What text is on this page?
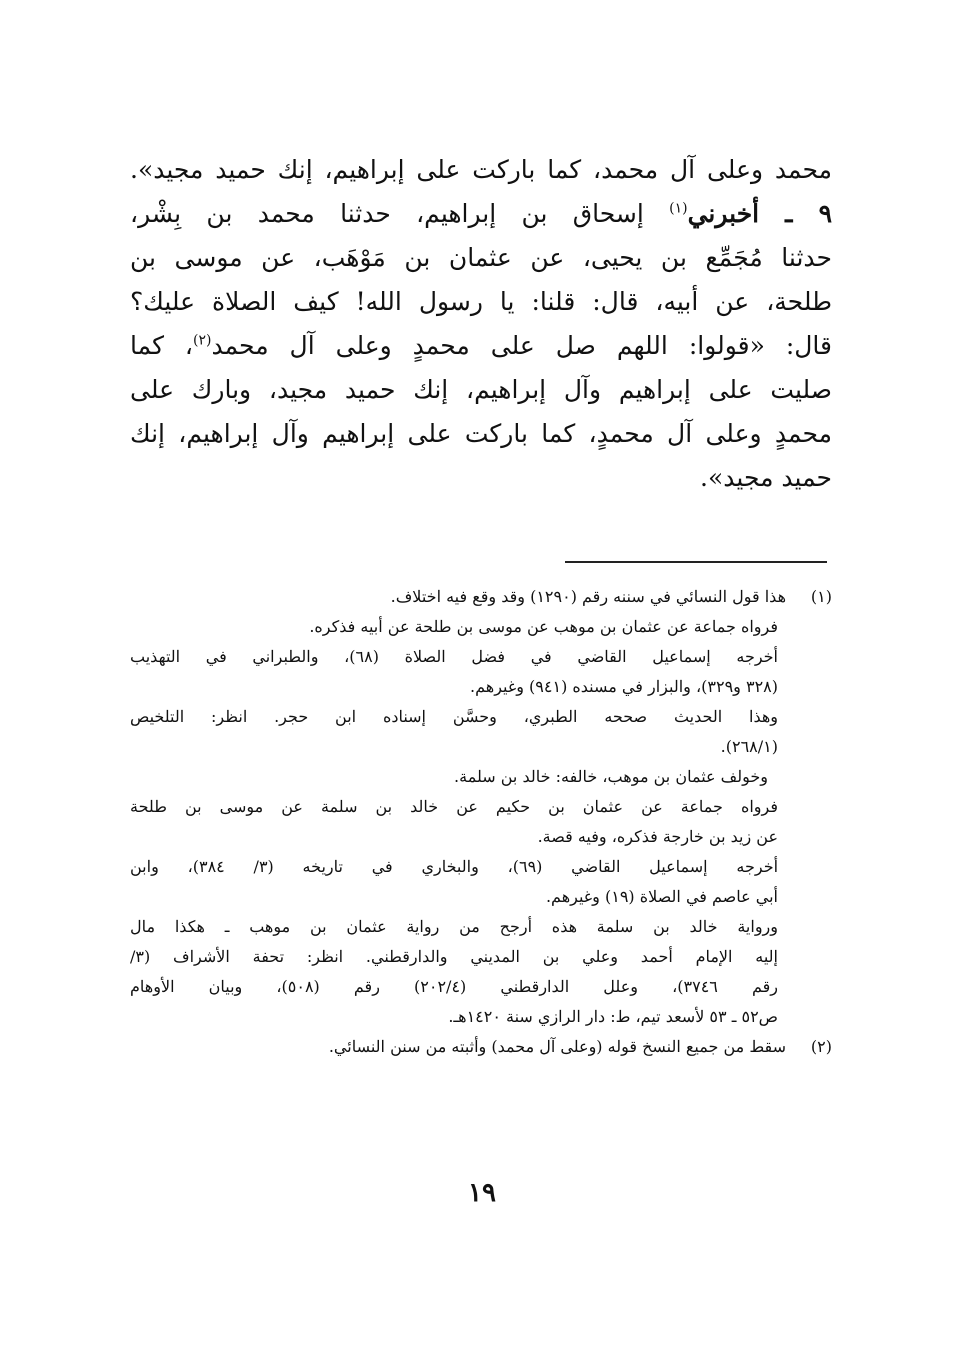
محمد وعلى آل محمد، كما باركت على إبراهيم، إنك حميد مجيد».
٩ ـ أخبرني$^{(١)}$ إسحاق بن إبراهيم، حدثنا محمد بن بِشْر،
حدثنا مُجَمِّع بن يحيى، عن عثمان بن مَوْهَب، عن موسى بن
طلحة، عن أبيه، قال: قلنا: يا رسول الله! كيف الصلاة عليك؟
قال: «قولوا: اللهم صل على محمدٍ وعلى آل محمد$^{(٢)}$، كما
صليت على إبراهيم وآل إبراهيم، إنك حميد مجيد، وبارك على
محمدٍ وعلى آل محمدٍ، كما باركت على إبراهيم وآل إبراهيم، إنك
حميد مجيد».
(١)هذا قول النسائي في سننه رقم (١٢٩٠) وقد وقع فيه اختلاف.
فرواه جماعة عن عثمان بن موهب عن موسى بن طلحة عن أبيه فذكره.
أخرجه إسماعيل القاضي في فضل الصلاة (٦٨)، والطبراني في التهذيب
(٣٢٨ و٣٢٩)، والبزار في مسنده (٩٤١) وغيرهم.
وهذا الحديث صححه الطبري، وحسَّن إسناده ابن حجر. انظر: التلخيص
(٢٦٨/١).
وخولف عثمان بن موهب، خالفه: خالد بن سلمة.
فرواه جماعة عن عثمان بن حكيم عن خالد بن سلمة عن موسى بن طلحة
عن زيد بن خارجة فذكره، وفيه قصة.
أخرجه إسماعيل القاضي (٦٩)، والبخاري في تاريخه (٣/ ٣٨٤)، وابن
أبي عاصم في الصلاة (١٩) وغيرهم.
ورواية خالد بن سلمة هذه أرجح من رواية عثمان بن موهب ـ هكذا مال
إليه الإمام أحمد وعلي بن المديني والدارقطني. انظر: تحفة الأشراف (٣/
رقم ٣٧٤٦)، وعلل الدارقطني (٢٠٢/٤) رقم (٥٠٨)، وبيان الأوهام
ص٥٢ ـ ٥٣ لأسعد تيم، ط: دار الرازي سنة ١٤٢٠هـ.
(٢)سقط من جميع النسخ قوله (وعلى آل محمد) وأثبته من سنن النسائي.
١٩
